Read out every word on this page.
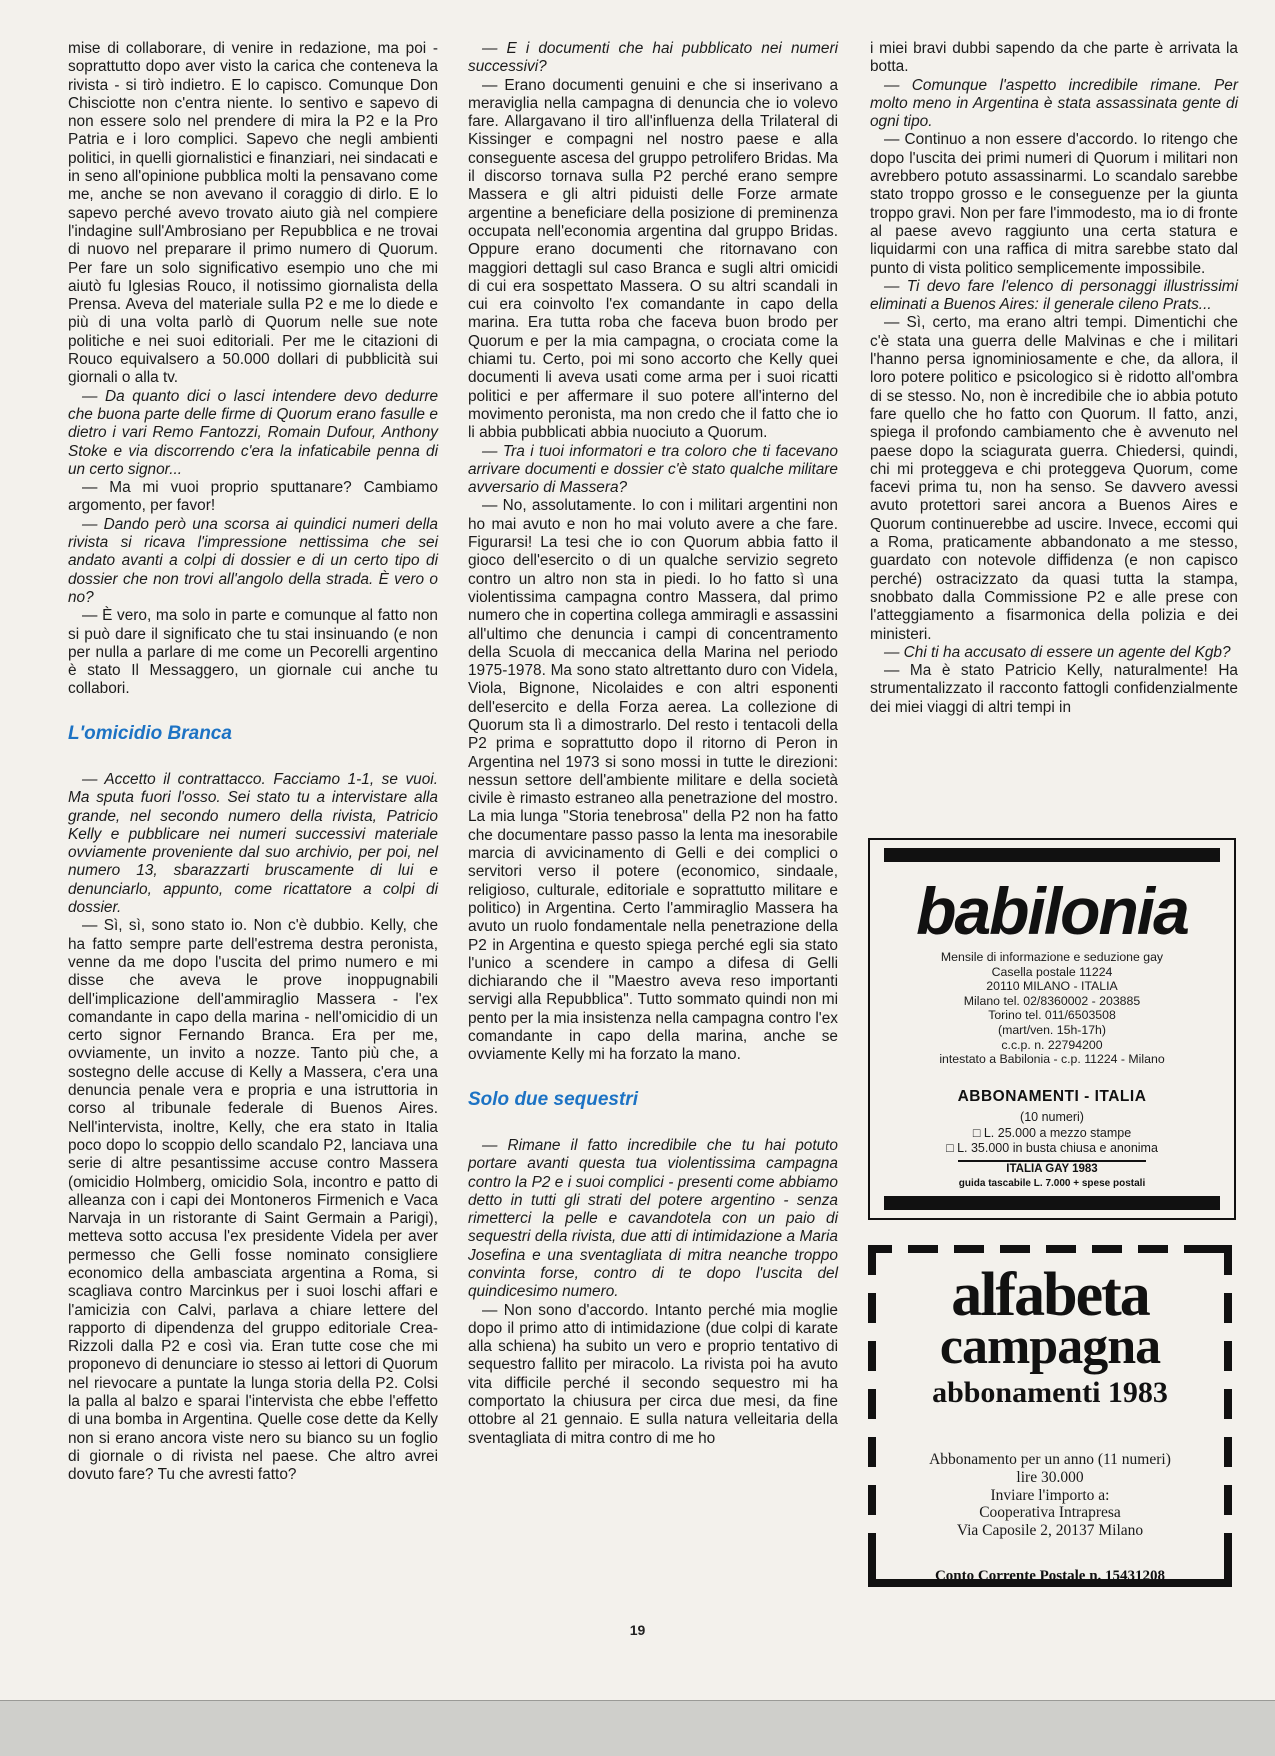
mise di collaborare, di venire in redazione, ma poi - soprattutto dopo aver visto la carica che conteneva la rivista - si tirò indietro. E lo capisco. Comunque Don Chisciotte non c'entra niente. Io sentivo e sapevo di non essere solo nel prendere di mira la P2 e la Pro Patria e i loro complici. Sapevo che negli ambienti politici, in quelli giornalistici e finanziari, nei sindacati e in seno all'opinione pubblica molti la pensavano come me, anche se non avevano il coraggio di dirlo. E lo sapevo perché avevo trovato aiuto già nel compiere l'indagine sull'Ambrosiano per Repubblica e ne trovai di nuovo nel preparare il primo numero di Quorum. Per fare un solo significativo esempio uno che mi aiutò fu Iglesias Rouco, il notissimo giornalista della Prensa. Aveva del materiale sulla P2 e me lo diede e più di una volta parlò di Quorum nelle sue note politiche e nei suoi editoriali. Per me le citazioni di Rouco equivalsero a 50.000 dollari di pubblicità sui giornali o alla tv.

— Da quanto dici o lasci intendere devo dedurre che buona parte delle firme di Quorum erano fasulle e dietro i vari Remo Fantozzi, Romain Dufour, Anthony Stoke e via discorrendo c'era la infaticabile penna di un certo signor...

— Ma mi vuoi proprio sputtanare? Cambiamo argomento, per favor!

— Dando però una scorsa ai quindici numeri della rivista si ricava l'impressione nettissima che sei andato avanti a colpi di dossier e di un certo tipo di dossier che non trovi all'angolo della strada. È vero o no?

— È vero, ma solo in parte e comunque al fatto non si può dare il significato che tu stai insinuando (e non per nulla a parlare di me come un Pecorelli argentino è stato Il Messaggero, un giornale cui anche tu collabori.

L'omicidio Branca

— Accetto il contrattacco. Facciamo 1-1, se vuoi. Ma sputa fuori l'osso. Sei stato tu a intervistare alla grande, nel secondo numero della rivista, Patricio Kelly e pubblicare nei numeri successivi materiale ovviamente proveniente dal suo archivio, per poi, nel numero 13, sbarazzarti bruscamente di lui e denunciarlo, appunto, come ricattatore a colpi di dossier.

— Sì, sì, sono stato io. Non c'è dubbio. Kelly, che ha fatto sempre parte dell'estrema destra peronista, venne da me dopo l'uscita del primo numero e mi disse che aveva le prove inoppugnabili dell'implicazione dell'ammiraglio Massera - l'ex comandante in capo della marina - nell'omicidio di un certo signor Fernando Branca. Era per me, ovviamente, un invito a nozze. Tanto più che, a sostegno delle accuse di Kelly a Massera, c'era una denuncia penale vera e propria e una istruttoria in corso al tribunale federale di Buenos Aires. Nell'intervista, inoltre, Kelly, che era stato in Italia poco dopo lo scoppio dello scandalo P2, lanciava una serie di altre pesantissime accuse contro Massera (omicidio Holmberg, omicidio Sola, incontro e patto di alleanza con i capi dei Montoneros Firmenich e Vaca Narvaja in un ristorante di Saint Germain a Parigi), metteva sotto accusa l'ex presidente Videla per aver permesso che Gelli fosse nominato consigliere economico della ambasciata argentina a Roma, si scagliava contro Marcinkus per i suoi loschi affari e l'amicizia con Calvi, parlava a chiare lettere del rapporto di dipendenza del gruppo editoriale Crea-Rizzoli dalla P2 e così via. Eran tutte cose che mi proponevo di denunciare io stesso ai lettori di Quorum nel rievocare a puntate la lunga storia della P2. Colsi la palla al balzo e sparai l'intervista che ebbe l'effetto di una bomba in Argentina. Quelle cose dette da Kelly non si erano ancora viste nero su bianco su un foglio di giornale o di rivista nel paese. Che altro avrei dovuto fare? Tu che avresti fatto?

— E i documenti che hai pubblicato nei numeri successivi?

— Erano documenti genuini e che si inserivano a meraviglia nella campagna di denuncia che io volevo fare. Allargavano il tiro all'influenza della Trilateral di Kissinger e compagni nel nostro paese e alla conseguente ascesa del gruppo petrolifero Bridas. Ma il discorso tornava sulla P2 perché erano sempre Massera e gli altri piduisti delle Forze armate argentine a beneficiare della posizione di preminenza occupata nell'economia argentina dal gruppo Bridas. Oppure erano documenti che ritornavano con maggiori dettagli sul caso Branca e sugli altri omicidi di cui era sospettato Massera. O su altri scandali in cui era coinvolto l'ex comandante in capo della marina. Era tutta roba che faceva buon brodo per Quorum e per la mia campagna, o crociata come la chiami tu. Certo, poi mi sono accorto che Kelly quei documenti li aveva usati come arma per i suoi ricatti politici e per affermare il suo potere all'interno del movimento peronista, ma non credo che il fatto che io li abbia pubblicati abbia nuociuto a Quorum.

— Tra i tuoi informatori e tra coloro che ti facevano arrivare documenti e dossier c'è stato qualche militare avversario di Massera?

— No, assolutamente. Io con i militari argentini non ho mai avuto e non ho mai voluto avere a che fare. Figurarsi! La tesi che io con Quorum abbia fatto il gioco dell'esercito o di un qualche servizio segreto contro un altro non sta in piedi. Io ho fatto sì una violentissima campagna contro Massera, dal primo numero che in copertina collega ammiragli e assassini all'ultimo che denuncia i campi di concentramento della Scuola di meccanica della Marina nel periodo 1975-1978. Ma sono stato altrettanto duro con Videla, Viola, Bignone, Nicolaides e con altri esponenti dell'esercito e della Forza aerea. La collezione di Quorum sta lì a dimostrarlo. Del resto i tentacoli della P2 prima e soprattutto dopo il ritorno di Peron in Argentina nel 1973 si sono mossi in tutte le direzioni: nessun settore dell'ambiente militare e della società civile è rimasto estraneo alla penetrazione del mostro. La mia lunga "Storia tenebrosa" della P2 non ha fatto che documentare passo passo la lenta ma inesorabile marcia di avvicinamento di Gelli e dei complici o servitori verso il potere (economico, sindaale, religioso, culturale, editoriale e soprattutto militare e politico) in Argentina. Certo l'ammiraglio Massera ha avuto un ruolo fondamentale nella penetrazione della P2 in Argentina e questo spiega perché egli sia stato l'unico a scendere in campo a difesa di Gelli dichiarando che il "Maestro aveva reso importanti servigi alla Repubblica". Tutto sommato quindi non mi pento per la mia insistenza nella campagna contro l'ex comandante in capo della marina, anche se ovviamente Kelly mi ha forzato la mano.

Solo due sequestri

— Rimane il fatto incredibile che tu hai potuto portare avanti questa tua violentissima campagna contro la P2 e i suoi complici - presenti come abbiamo detto in tutti gli strati del potere argentino - senza rimetterci la pelle e cavandotela con un paio di sequestri della rivista, due atti di intimidazione a Maria Josefina e una sventagliata di mitra neanche troppo convinta forse, contro di te dopo l'uscita del quindicesimo numero.

— Non sono d'accordo. Intanto perché mia moglie dopo il primo atto di intimidazione (due colpi di karate alla schiena) ha subito un vero e proprio tentativo di sequestro fallito per miracolo. La rivista poi ha avuto vita difficile perché il secondo sequestro mi ha comportato la chiusura per circa due mesi, da fine ottobre al 21 gennaio. E sulla natura velleitaria della sventagliata di mitra contro di me ho

i miei bravi dubbi sapendo da che parte è arrivata la botta.

— Comunque l'aspetto incredibile rimane. Per molto meno in Argentina è stata assassinata gente di ogni tipo.

— Continuo a non essere d'accordo. Io ritengo che dopo l'uscita dei primi numeri di Quorum i militari non avrebbero potuto assassinarmi. Lo scandalo sarebbe stato troppo grosso e le conseguenze per la giunta troppo gravi. Non per fare l'immodesto, ma io di fronte al paese avevo raggiunto una certa statura e liquidarmi con una raffica di mitra sarebbe stato dal punto di vista politico semplicemente impossibile.

— Ti devo fare l'elenco di personaggi illustrissimi eliminati a Buenos Aires: il generale cileno Prats...

— Sì, certo, ma erano altri tempi. Dimentichi che c'è stata una guerra delle Malvinas e che i militari l'hanno persa ignominiosamente e che, da allora, il loro potere politico e psicologico si è ridotto all'ombra di se stesso. No, non è incredibile che io abbia potuto fare quello che ho fatto con Quorum. Il fatto, anzi, spiega il profondo cambiamento che è avvenuto nel paese dopo la sciagurata guerra. Chiedersi, quindi, chi mi proteggeva e chi proteggeva Quorum, come facevi prima tu, non ha senso. Se davvero avessi avuto protettori sarei ancora a Buenos Aires e Quorum continuerebbe ad uscire. Invece, eccomi qui a Roma, praticamente abbandonato a me stesso, guardato con notevole diffidenza (e non capisco perché) ostracizzato da quasi tutta la stampa, snobbato dalla Commissione P2 e alle prese con l'atteggiamento a fisarmonica della polizia e dei ministeri.

— Chi ti ha accusato di essere un agente del Kgb?

— Ma è stato Patricio Kelly, naturalmente! Ha strumentalizzato il racconto fattogli confidenzialmente dei miei viaggi di altri tempi in

babilonia
Mensile di informazione e seduzione gay
Casella postale 11224
20110 MILANO - ITALIA
Milano tel. 02/8360002 - 203885
Torino tel. 011/6503508
(mart/ven. 15h-17h)
c.c.p. n. 22794200
intestato a Babilonia - c.p. 11224 - Milano
ABBONAMENTI - ITALIA
(10 numeri)
□ L. 25.000 a mezzo stampe
□ L. 35.000 in busta chiusa e anonima
ITALIA GAY 1983
guida tascabile L. 7.000 + spese postali
alfabeta
campagna
abbonamenti 1983
Abbonamento per un anno (11 numeri)
lire 30.000
Inviare l'importo a:
Cooperativa Intrapresa
Via Caposile 2, 20137 Milano
Conto Corrente Postale n. 15431208
19
